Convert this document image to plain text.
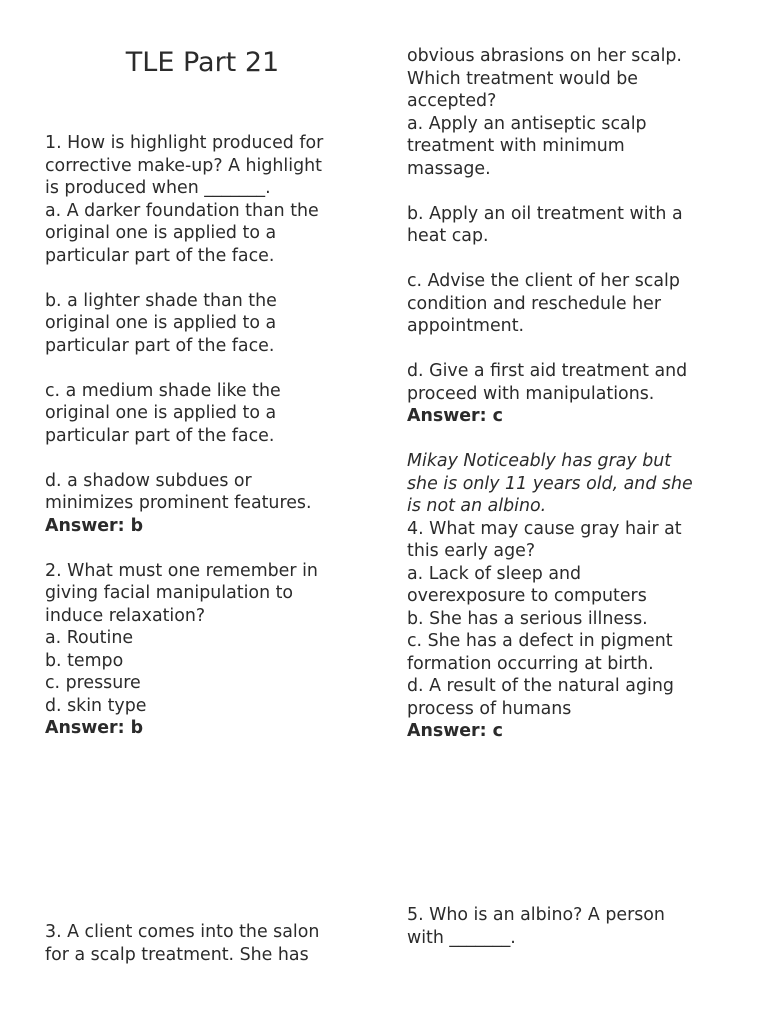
TLE Part 21
1. How is highlight produced for
corrective make-up? A highlight
is produced when _______.
a. A darker foundation than the
original one is applied to a
particular part of the face.
b. a lighter shade than the
original one is applied to a
particular part of the face.
c. a medium shade like the
original one is applied to a
particular part of the face.
d. a shadow subdues or
minimizes prominent features.
Answer: b
2. What must one remember in
giving facial manipulation to
induce relaxation?
a. Routine
b. tempo
c. pressure
d. skin type
Answer: b
3. A client comes into the salon
for a scalp treatment. She has
obvious abrasions on her scalp.
Which treatment would be
accepted?
a. Apply an antiseptic scalp
treatment with minimum
massage.
b. Apply an oil treatment with a
heat cap.
c. Advise the client of her scalp
condition and reschedule her
appointment.
d. Give a first aid treatment and
proceed with manipulations.
Answer: c
Mikay Noticeably has gray but
she is only 11 years old, and she
is not an albino.
4. What may cause gray hair at
this early age?
a. Lack of sleep and
overexposure to computers
b. She has a serious illness.
c. She has a defect in pigment
formation occurring at birth.
d. A result of the natural aging
process of humans
Answer: c
5. Who is an albino? A person
with _______.
